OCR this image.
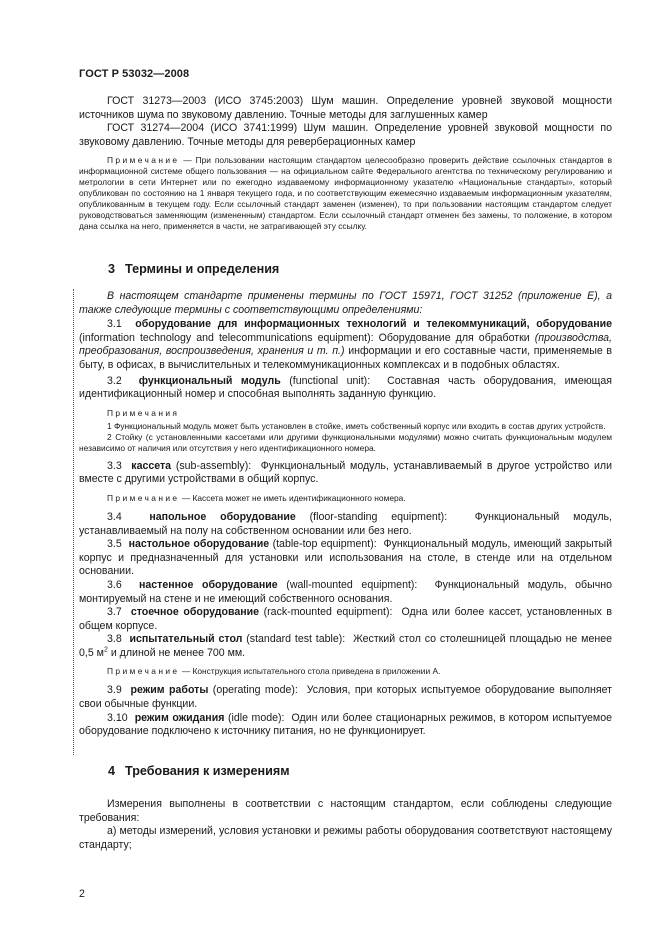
ГОСТ Р 53032—2008

ГОСТ 31273—2003 (ИСО 3745:2003) Шум машин. Определение уровней звуковой мощности источников шума по звуковому давлению. Точные методы для заглушенных камер

ГОСТ 31274—2004 (ИСО 3741:1999) Шум машин. Определение уровней звуковой мощности по звуковому давлению. Точные методы для реверберационных камер

Примечание — При пользовании настоящим стандартом целесообразно проверить действие ссылочных стандартов в информационной системе общего пользования — на официальном сайте Федерального агентства по техническому регулированию и метрологии в сети Интернет или по ежегодно издаваемому информационному указателю «Национальные стандарты», который опубликован по состоянию на 1 января текущего года, и по соответствующим ежемесячно издаваемым информационным указателям, опубликованным в текущем году. Если ссылочный стандарт заменен (изменен), то при пользовании настоящим стандартом следует руководствоваться заменяющим (измененным) стандартом. Если ссылочный стандарт отменен без замены, то положение, в котором дана ссылка на него, применяется в части, не затрагивающей эту ссылку.

3 Термины и определения

В настоящем стандарте применены термины по ГОСТ 15971, ГОСТ 31252 (приложение Е), а также следующие термины с соответствующими определениями:

3.1 оборудование для информационных технологий и телекоммуникаций, оборудование (information technology and telecommunications equipment): Оборудование для обработки (производства, преобразования, воспроизведения, хранения и т. п.) информации и его составные части, применяемые в быту, в офисах, в вычислительных и телекоммуникационных комплексах и в подобных областях.

3.2 функциональный модуль (functional unit): Составная часть оборудования, имеющая идентификационный номер и способная выполнять заданную функцию.

Примечания

1 Функциональный модуль может быть установлен в стойке, иметь собственный корпус или входить в состав других устройств.

2 Стойку (с установленными кассетами или другими функциональными модулями) можно считать функциональным модулем независимо от наличия или отсутствия у него идентификационного номера.

3.3 кассета (sub-assembly): Функциональный модуль, устанавливаемый в другое устройство или вместе с другими устройствами в общий корпус.

Примечание — Кассета может не иметь идентификационного номера.

3.4	напольное оборудование (floor-standing equipment):	Функциональный модуль, устанавливаемый на полу на собственном основании или без него.

3.5 настольное оборудование (table-top equipment): Функциональный модуль, имеющий закрытый корпус и предназначенный для установки или использования на столе, в стенде или на отдельном основании.

3.6 настенное оборудование (wall-mounted equipment): Функциональный модуль, обычно монтируемый на стене и не имеющий собственного основания.

3.7 стоечное оборудование (rack-mounted equipment): Одна или более кассет, установленных в общем корпусе.

3.8 испытательный стол (standard test table): Жесткий стол со столешницей площадью не менее 0,5 $м^2$ и длиной не менее 700 мм.

Примечание — Конструкция испытательного стола приведена в приложении А.

3.9 режим работы (operating mode): Условия, при которых испытуемое оборудование выполняет свои обычные функции.

3.10 режим ожидания (idle mode): Один или более стационарных режимов, в котором испытуемое оборудование подключено к источнику питания, но не функционирует.

4 Требования к измерениям

Измерения выполнены в соответствии с настоящим стандартом, если соблюдены следующие требования:

а) методы измерений, условия установки и режимы работы оборудования соответствуют настоящему стандарту;

2
